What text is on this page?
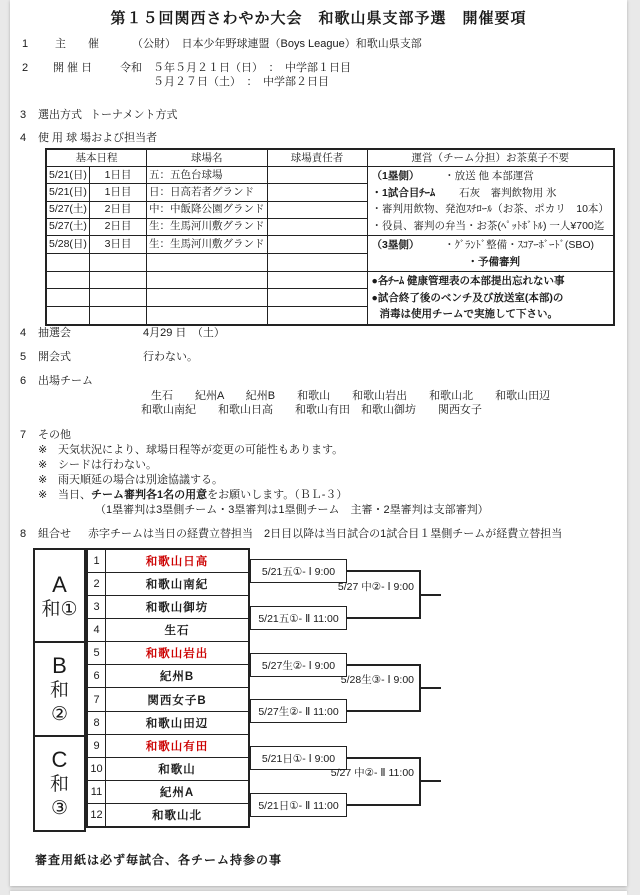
第１５回関西さわやか大会　和歌山県支部予選　開催要項
1 主　　催	（公財）　日本少年野球連盟（Boys League）和歌山県支部
2 開 催 日	令和　５年５月２１日（日）　：　中学部１日目
５月２７日（土）　：　中学部２日目
3 選出方式 トーナメント方式
4 使 用 球 場および担当者
基本日程		球場名	球場責任者	運営（チーム分担）お茶菓子不要
5/21(日)	1日目	五：五色台球場		（1塁側） ・放送 他 本部運営
・1試合目ﾁｰﾑ 石灰　審判飲物用 氷
・審判用飲物、発泡ｽﾁﾛｰﾙ（お茶、ポカリ　10本）
・役員、審判の弁当・お茶(ﾍﾟｯﾄﾎﾞﾄﾙ) 一人¥700迄

5/21(日)	1日目	日：日高若者グランド		
5/27(土)	2日目	中：中飯降公園グランド		
5/27(土)	2日目	生：生馬河川敷グランド		
5/28(日)	3日目	生：生馬河川敷グランド		（3塁側） ・ｸﾞﾗﾝﾄﾞ整備・ｽｺｱｰﾎﾞｰﾄﾞ(SBO)
・予備審判

				●各ﾁｰﾑ 健康管理表の本部提出忘れない事
●試合終了後のベンチ及び放送室(本部)の
消毒は使用チームで実施して下さい。

4 抽選会	4月29 日　（土）
5 開会式	行わない。
6 出場チーム
生石　　紀州A　　紀州B　　和歌山　　和歌山岩出　　和歌山北　　和歌山田辺
和歌山南紀　　和歌山日高　　和歌山有田　和歌山御坊　　関西女子
7 その他
※ 天気状況により、球場日程等が変更の可能性もあります。
※ シードは行わない。
※ 雨天順延の場合は別途協議する。
※ 当日、チーム審判各1名の用意をお願いします。（ＢＬ-３）
（1塁審判は3塁側チーム・3塁審判は1塁側チーム　主審・2塁審判は支部審判）
8 組合せ 赤字チームは当日の経費立替担当　2日目以降は当日試合の1試合目１塁側チームが経費立替担当
A
和①
B
和
②
C
和
③
1	和歌山日高
2	和歌山南紀
3	和歌山御坊
4	生石
5	和歌山岩出
6	紀州B
7	関西女子B
8	和歌山田辺
9	和歌山有田
10	和歌山
11	紀州A
12	和歌山北
5/21五①- Ⅰ 9:00
5/21五①- Ⅱ 11:00
5/27生②- Ⅰ 9:00
5/27生②- Ⅱ 11:00
5/21日①- Ⅰ 9:00
5/21日①- Ⅱ 11:00
5/27 中②- Ⅰ 9:00
5/28生③- Ⅰ 9:00
5/27 中②- Ⅱ 11:00
審査用紙は必ず毎試合、各チーム持参の事
